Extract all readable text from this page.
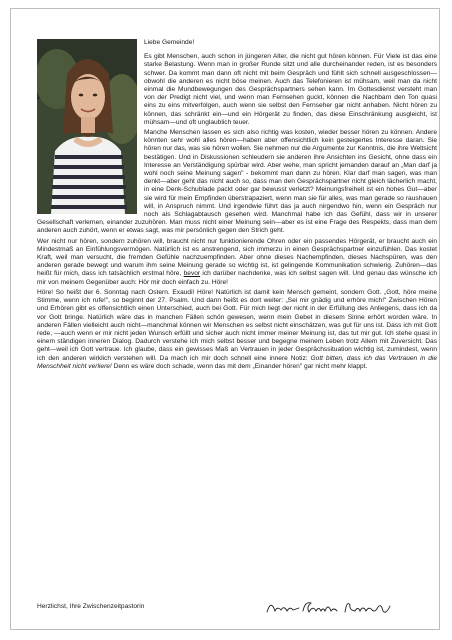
Liebe Gemeinde!

Es gibt Menschen, auch schon in jüngeren Alter, die nicht gut hören können. Für Viele ist das eine starke Belastung. Wenn man in großer Runde sitzt und alle durcheinander reden, ist es besonders schwer. Da kommt man dann oft nicht mit beim Gespräch und fühlt sich schnell ausgeschlossen—obwohl die anderen es nicht böse meinen. Auch das Telefonieren ist mühsam, weil man da nicht einmal die Mundbewegungen des Gesprächspartners sehen kann. Im Gottesdienst versteht man von der Predigt nicht viel, und wenn man Fernsehen guckt, können die Nachbarn den Ton quasi eins zu eins mitverfolgen, auch wenn sie selbst den Fernseher gar nicht anhaben. Nicht hören zu können, das schränkt ein—und ein Hörgerät zu finden, das diese Einschränkung ausgleicht, ist mühsam—und oft unglaublich teuer.

Manche Menschen lassen es sich also richtig was kosten, wieder besser hören zu können. Andere könnten sehr wohl alles hören—haben aber offensichtlich kein gesteigertes Interesse daran. Sie hören nur das, was sie hören wollen. Sie nehmen nur die Argumente zur Kenntnis, die ihre Weltsicht bestätigen. Und in Diskussionen schleudern sie anderen ihre Ansichten ins Gesicht, ohne dass ein Interesse an Verständigung spürbar wird. Aber wehe, man spricht jemanden darauf an „Man darf ja wohl noch seine Meinung sagen" - bekommt man dann zu hören. Klar darf man sagen, was man denkt—aber geht das nicht auch so, dass man den Gesprächspartner nicht gleich lächerlich macht, in eine Denk-Schublade packt oder gar bewusst verletzt? Meinungsfreiheit ist ein hohes Gut—aber sie wird für mein Empfinden überstrapaziert, wenn man sie für alles, was man gerade so raushauen will, in Anspruch nimmt. Und irgendwie führt das ja auch nirgendwo hin, wenn ein Gespräch nur noch als Schlagabtausch gesehen wird. Manchmal habe ich das Gefühl, dass wir in unserer Gesellschaft verlernen, einander zuzuhören. Man muss nicht einer Meinung sein—aber es ist eine Frage des Respekts, dass man dem anderen auch zuhört, wenn er etwas sagt, was mir persönlich gegen den Strich geht.

Wer nicht nur hören, sondern zuhören will, braucht nicht nur funktionierende Ohren oder ein passendes Hörgerät, er braucht auch ein Mindestmaß an Einfühlungsvermögen. Natürlich ist es anstrengend, sich immerzu in einen Gesprächspartner einzufühlen. Das kostet Kraft, weil man versucht, die fremden Gefühle nachzuempfinden. Aber ohne dieses Nachempfinden, dieses Nachspüren, was den anderen gerade bewegt und warum ihm seine Meinung gerade so wichtig ist, ist gelingende Kommunikation schwierig. Zuhören—das heißt für mich, dass ich tatsächlich erstmal höre, bevor ich darüber nachdenke, was ich selbst sagen will. Und genau das wünsche ich mir von meinem Gegenüber auch: Hör mir doch einfach zu. Höre!

Höre! So heißt der 6. Sonntag nach Ostern. Exaudi! Höre! Natürlich ist damit kein Mensch gemeint, sondern Gott. „Gott, höre meine Stimme, wenn ich rufe!", so beginnt der 27. Psalm. Und dann heißt es dort weiter: „Sei mir gnädig und erhöre mich!" Zwischen Hören und Erhören gibt es offensichtlich einen Unterschied, auch bei Gott. Für mich liegt der nicht in der Erfüllung des Anliegens, dass ich da vor Gott bringe. Natürlich wäre das in manchen Fällen schön gewesen, wenn mein Gebet in diesem Sinne erhört worden wäre. In anderen Fällen vielleicht auch nicht—manchmal können wir Menschen es selbst nicht einschätzen, was gut für uns ist. Dass ich mit Gott rede, —auch wenn er mir nicht jeden Wunsch erfüllt und sicher auch nicht immer meiner Meinung ist, das tut mir gut. Ich stehe quasi in einem ständigen inneren Dialog. Dadurch verstehe ich mich selbst besser und begegne meinem Leben trotz Allem mit Zuversicht. Das geht—weil ich Gott vertraue. Ich glaube, dass ein gewisses Maß an Vertrauen in jeder Gesprächssituation wichtig ist, zumindest, wenn ich den anderen wirklich verstehen will. Da mach ich mir doch schnell eine innere Notiz: Gott bitten, dass ich das Vertrauen in die Menschheit nicht verliere! Denn es wäre doch schade, wenn das mit dem „Einander hören" gar nicht mehr klappt.

Herzlichst, Ihre Zwischenzeitpastorin
